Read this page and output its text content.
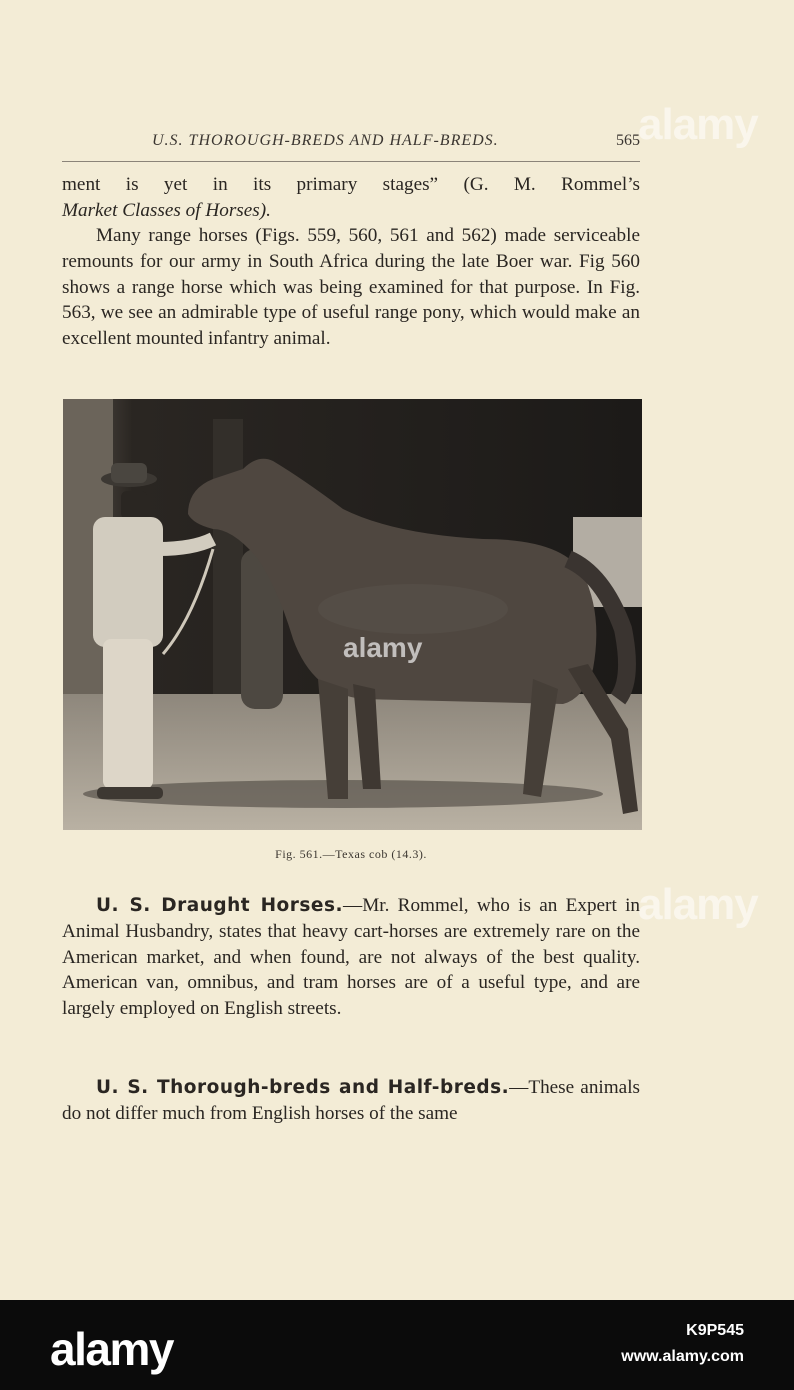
U.S. THOROUGH-BREDS AND HALF-BREDS.	565
ment is yet in its primary stages” (G. M. Rommel’s
Market Classes of Horses).
Many range horses (Figs. 559, 560, 561 and 562) made serviceable remounts for our army in South Africa during the late Boer war. Fig 560 shows a range horse which was being examined for that purpose. In Fig. 563, we see an admirable type of useful range pony, which would make an excellent mounted infantry animal.
alamy
Fig. 561.—Texas cob (14.3).
U. S. Draught Horses.—Mr. Rommel, who is an Expert in Animal Husbandry, states that heavy cart-horses are extremely rare on the American market, and when found, are not always of the best quality. American van, omnibus, and tram horses are of a useful type, and are largely employed on English streets.
U. S. Thorough-breds and Half-breds.—These animals do not differ much from English horses of the same
alamy
alamy
alamy	K9P545
www.alamy.com
